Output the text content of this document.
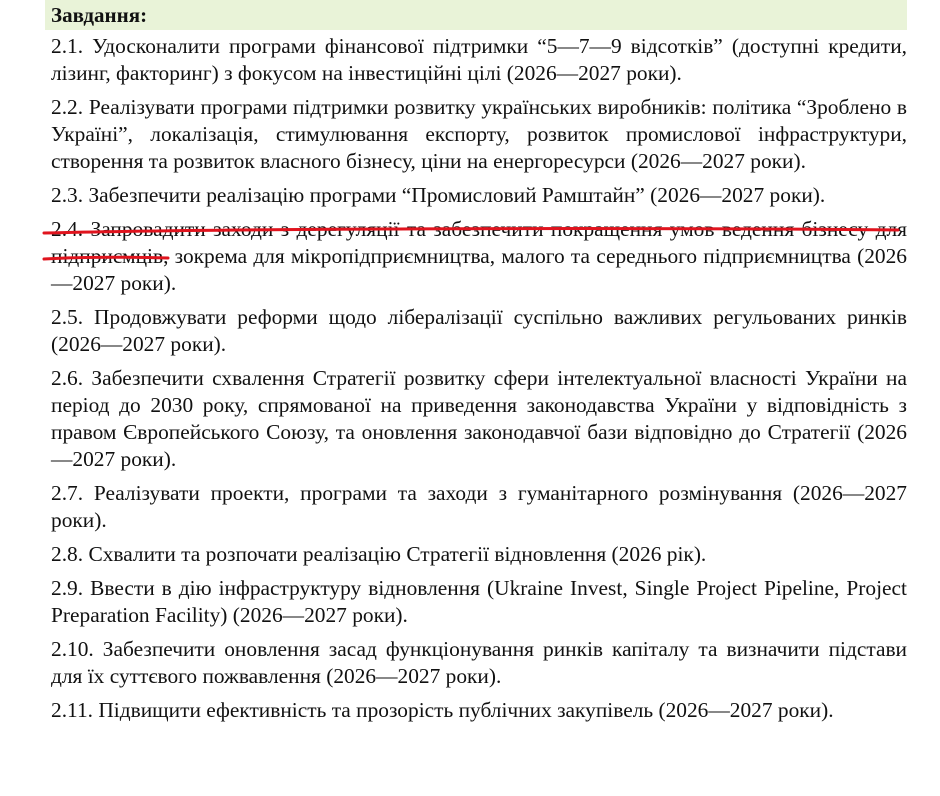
Завдання:

2.1. Удосконалити програми фінансової підтримки “5—7—9 відсотків” (доступні кредити, лізинг, факторинг) з фокусом на інвестиційні цілі (2026—2027 роки).

2.2. Реалізувати програми підтримки розвитку українських виробників: політика “Зроблено в Україні”, локалізація, стимулювання експорту, розвиток промислової інфраструктури, створення та розвиток власного бізнесу, ціни на енергоресурси (2026—2027 роки).

2.3. Забезпечити реалізацію програми “Промисловий Рамштайн” (2026—2027 роки).

2.4. Запровадити заходи з дерегуляції та забезпечити покращення умов ведення бізнесу для підприємців, зокрема для мікропідприємництва, малого та середнього підприємництва (2026—2027 роки).

2.5. Продовжувати реформи щодо лібералізації суспільно важливих регульованих ринків (2026—2027 роки).

2.6. Забезпечити схвалення Стратегії розвитку сфери інтелектуальної власності України на період до 2030 року, спрямованої на приведення законодавства України у відповідність з правом Європейського Союзу, та оновлення законодавчої бази відповідно до Стратегії (2026—2027 роки).

2.7. Реалізувати проекти, програми та заходи з гуманітарного розмінування (2026—2027 роки).

2.8. Схвалити та розпочати реалізацію Стратегії відновлення (2026 рік).

2.9. Ввести в дію інфраструктуру відновлення (Ukraine Invest, Single Project Pipeline, Project Preparation Facility) (2026—2027 роки).

2.10. Забезпечити оновлення засад функціонування ринків капіталу та визначити підстави для їх суттєвого пожвавлення (2026—2027 роки).

2.11. Підвищити ефективність та прозорість публічних закупівель (2026—2027 роки).
